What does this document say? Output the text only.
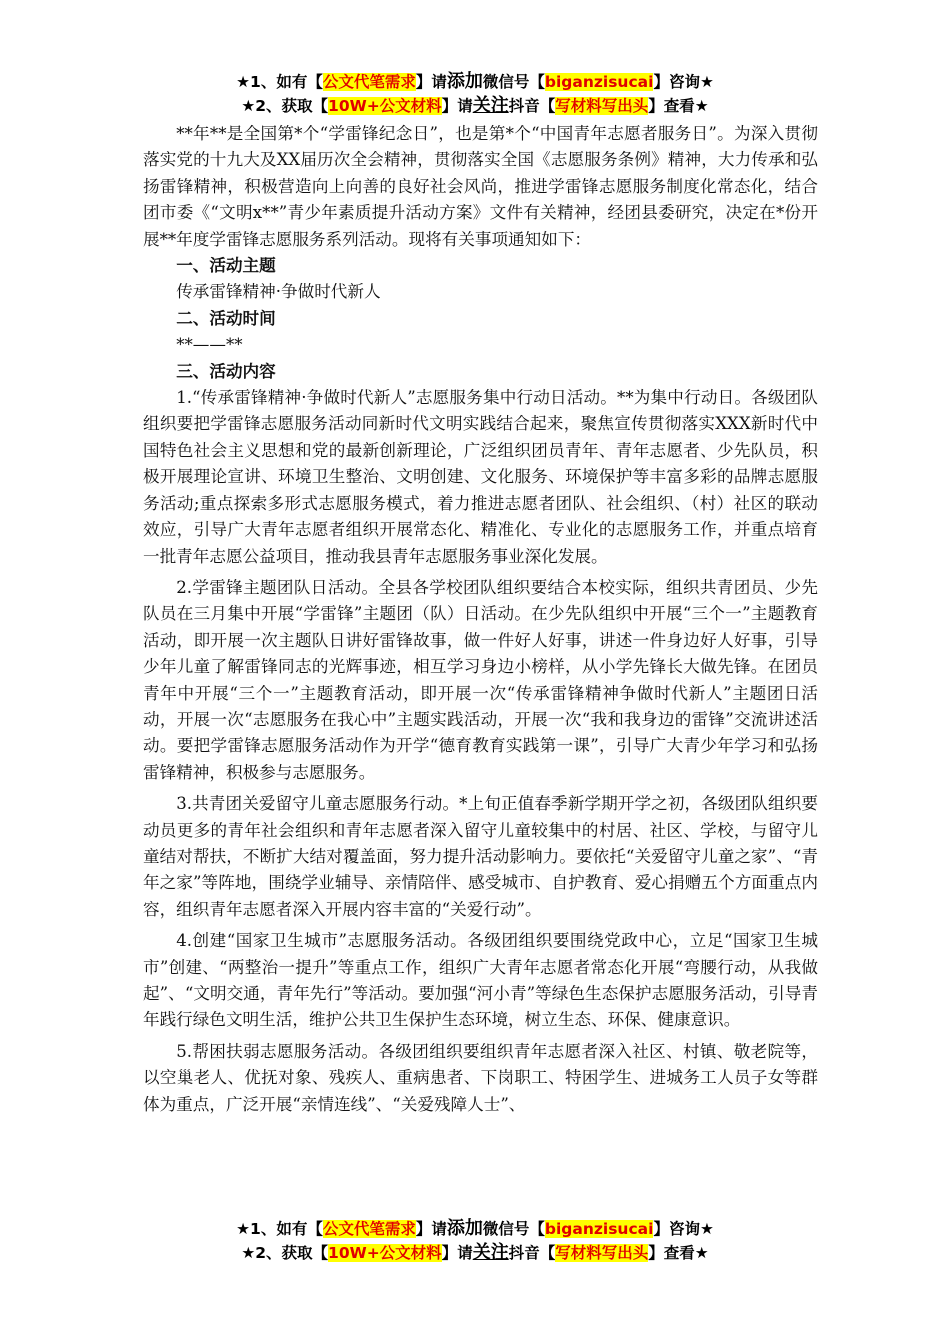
★1、如有【公文代笔需求】请添加微信号【biganzisucai】咨询★
★2、获取【10W+公文材料】请关注抖音【写材料写出头】查看★

**年**是全国第*个“学雷锋纪念日”，也是第*个“中国青年志愿者服务日”。为深入贯彻落实党的十九大及XX届历次全会精神，贯彻落实全国《志愿服务条例》精神，大力传承和弘扬雷锋精神，积极营造向上向善的良好社会风尚，推进学雷锋志愿服务制度化常态化，结合团市委《“文明x**”青少年素质提升活动方案》文件有关精神，经团县委研究，决定在*份开展**年度学雷锋志愿服务系列活动。现将有关事项通知如下：

一、活动主题

传承雷锋精神·争做时代新人

二、活动时间

**——**

三、活动内容

1.“传承雷锋精神·争做时代新人”志愿服务集中行动日活动。**为集中行动日。各级团队组织要把学雷锋志愿服务活动同新时代文明实践结合起来，聚焦宣传贯彻落实XXX新时代中国特色社会主义思想和党的最新创新理论，广泛组织团员青年、青年志愿者、少先队员，积极开展理论宣讲、环境卫生整治、文明创建、文化服务、环境保护等丰富多彩的品牌志愿服务活动;重点探索多形式志愿服务模式，着力推进志愿者团队、社会组织、（村）社区的联动效应，引导广大青年志愿者组织开展常态化、精准化、专业化的志愿服务工作，并重点培育一批青年志愿公益项目，推动我县青年志愿服务事业深化发展。

2.学雷锋主题团队日活动。全县各学校团队组织要结合本校实际，组织共青团员、少先队员在三月集中开展“学雷锋”主题团（队）日活动。在少先队组织中开展“三个一”主题教育活动，即开展一次主题队日讲好雷锋故事，做一件好人好事，讲述一件身边好人好事，引导少年儿童了解雷锋同志的光辉事迹，相互学习身边小榜样，从小学先锋长大做先锋。在团员青年中开展“三个一”主题教育活动，即开展一次“传承雷锋精神争做时代新人”主题团日活动，开展一次“志愿服务在我心中”主题实践活动，开展一次“我和我身边的雷锋”交流讲述活动。要把学雷锋志愿服务活动作为开学“德育教育实践第一课”，引导广大青少年学习和弘扬雷锋精神，积极参与志愿服务。

3.共青团关爱留守儿童志愿服务行动。*上旬正值春季新学期开学之初，各级团队组织要动员更多的青年社会组织和青年志愿者深入留守儿童较集中的村居、社区、学校，与留守儿童结对帮扶，不断扩大结对覆盖面，努力提升活动影响力。要依托“关爱留守儿童之家”、“青年之家”等阵地，围绕学业辅导、亲情陪伴、感受城市、自护教育、爱心捐赠五个方面重点内容，组织青年志愿者深入开展内容丰富的“关爱行动”。

4.创建“国家卫生城市”志愿服务活动。各级团组织要围绕党政中心，立足“国家卫生城市”创建、“两整治一提升”等重点工作，组织广大青年志愿者常态化开展“弯腰行动，从我做起”、“文明交通，青年先行”等活动。要加强“河小青”等绿色生态保护志愿服务活动，引导青年践行绿色文明生活，维护公共卫生保护生态环境，树立生态、环保、健康意识。

5.帮困扶弱志愿服务活动。各级团组织要组织青年志愿者深入社区、村镇、敬老院等，以空巢老人、优抚对象、残疾人、重病患者、下岗职工、特困学生、进城务工人员子女等群体为重点，广泛开展“亲情连线”、“关爱残障人士”、

★1、如有【公文代笔需求】请添加微信号【biganzisucai】咨询★
★2、获取【10W+公文材料】请关注抖音【写材料写出头】查看★
